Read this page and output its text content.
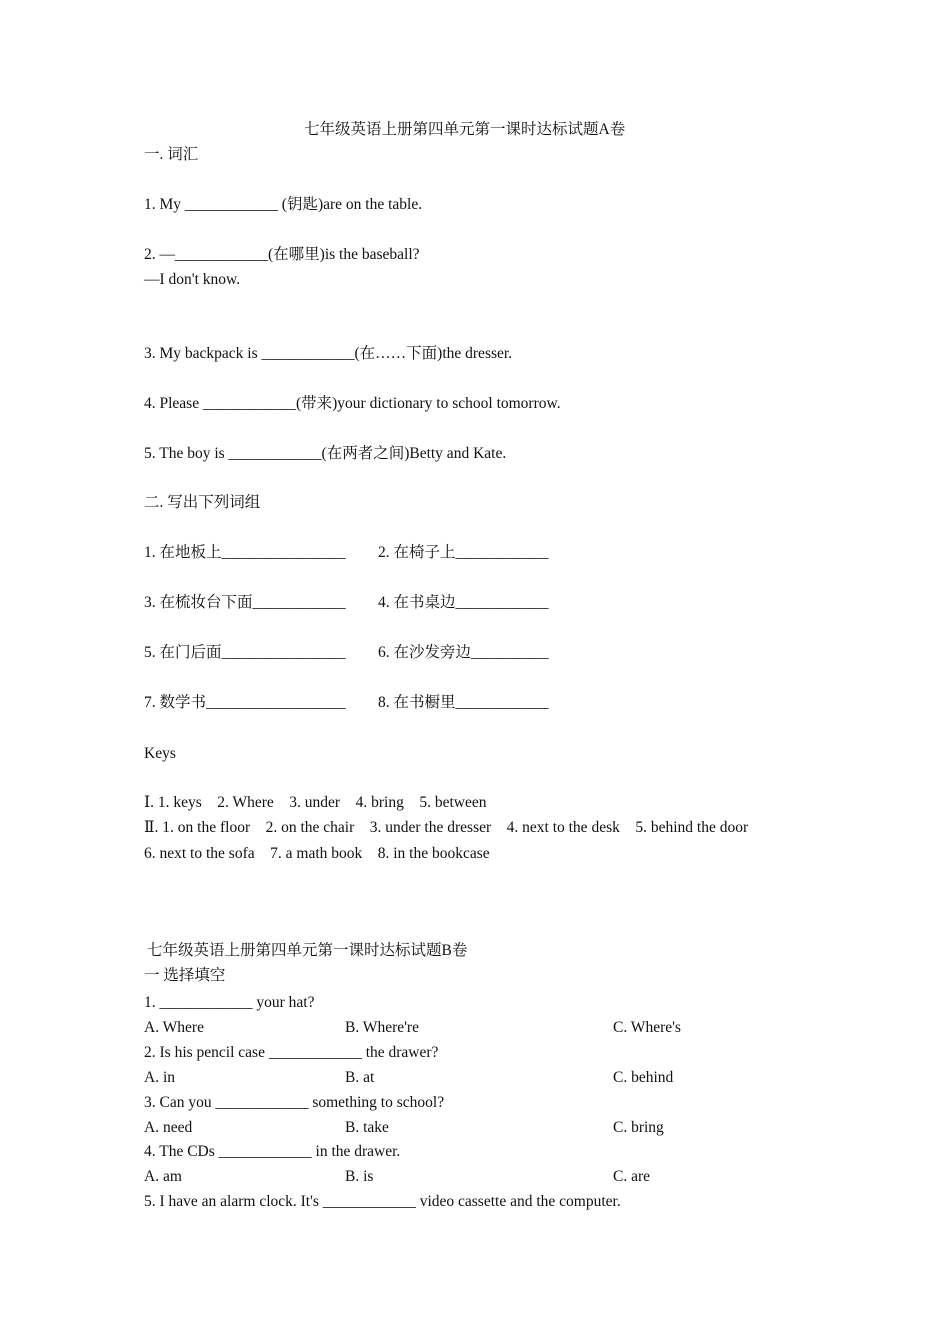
七年级英语上册第四单元第一课时达标试题A卷
一. 词汇
1. My ____________ (钥匙)are on the table.
2. —____________(在哪里)is the baseball?
—I don't know.
3. My backpack is ____________(在……下面)the dresser.
4. Please ____________(带来)your dictionary to school tomorrow.
5. The boy is ____________(在两者之间)Betty and Kate.
二. 写出下列词组
1. 在地板上________________ 2. 在椅子上____________
3. 在梳妆台下面____________ 4. 在书桌边____________
5. 在门后面________________ 6. 在沙发旁边__________
7. 数学书__________________ 8. 在书橱里____________
Keys
Ⅰ. 1. keys    2. Where    3. under    4. bring    5. between
Ⅱ. 1. on the floor    2. on the chair    3. under the dresser    4. next to the desk    5. behind the door
6. next to the sofa    7. a math book    8. in the bookcase
七年级英语上册第四单元第一课时达标试题B卷
一 选择填空
1. ____________ your hat?
A. Where	B. Where're	C. Where's
2. Is his pencil case ____________ the drawer?
A. in	B. at	C. behind
3. Can you ____________ something to school?
A. need	B. take	C. bring
4. The CDs ____________ in the drawer.
A. am	B. is	C. are
5. I have an alarm clock. It's ____________ video cassette and the computer.
